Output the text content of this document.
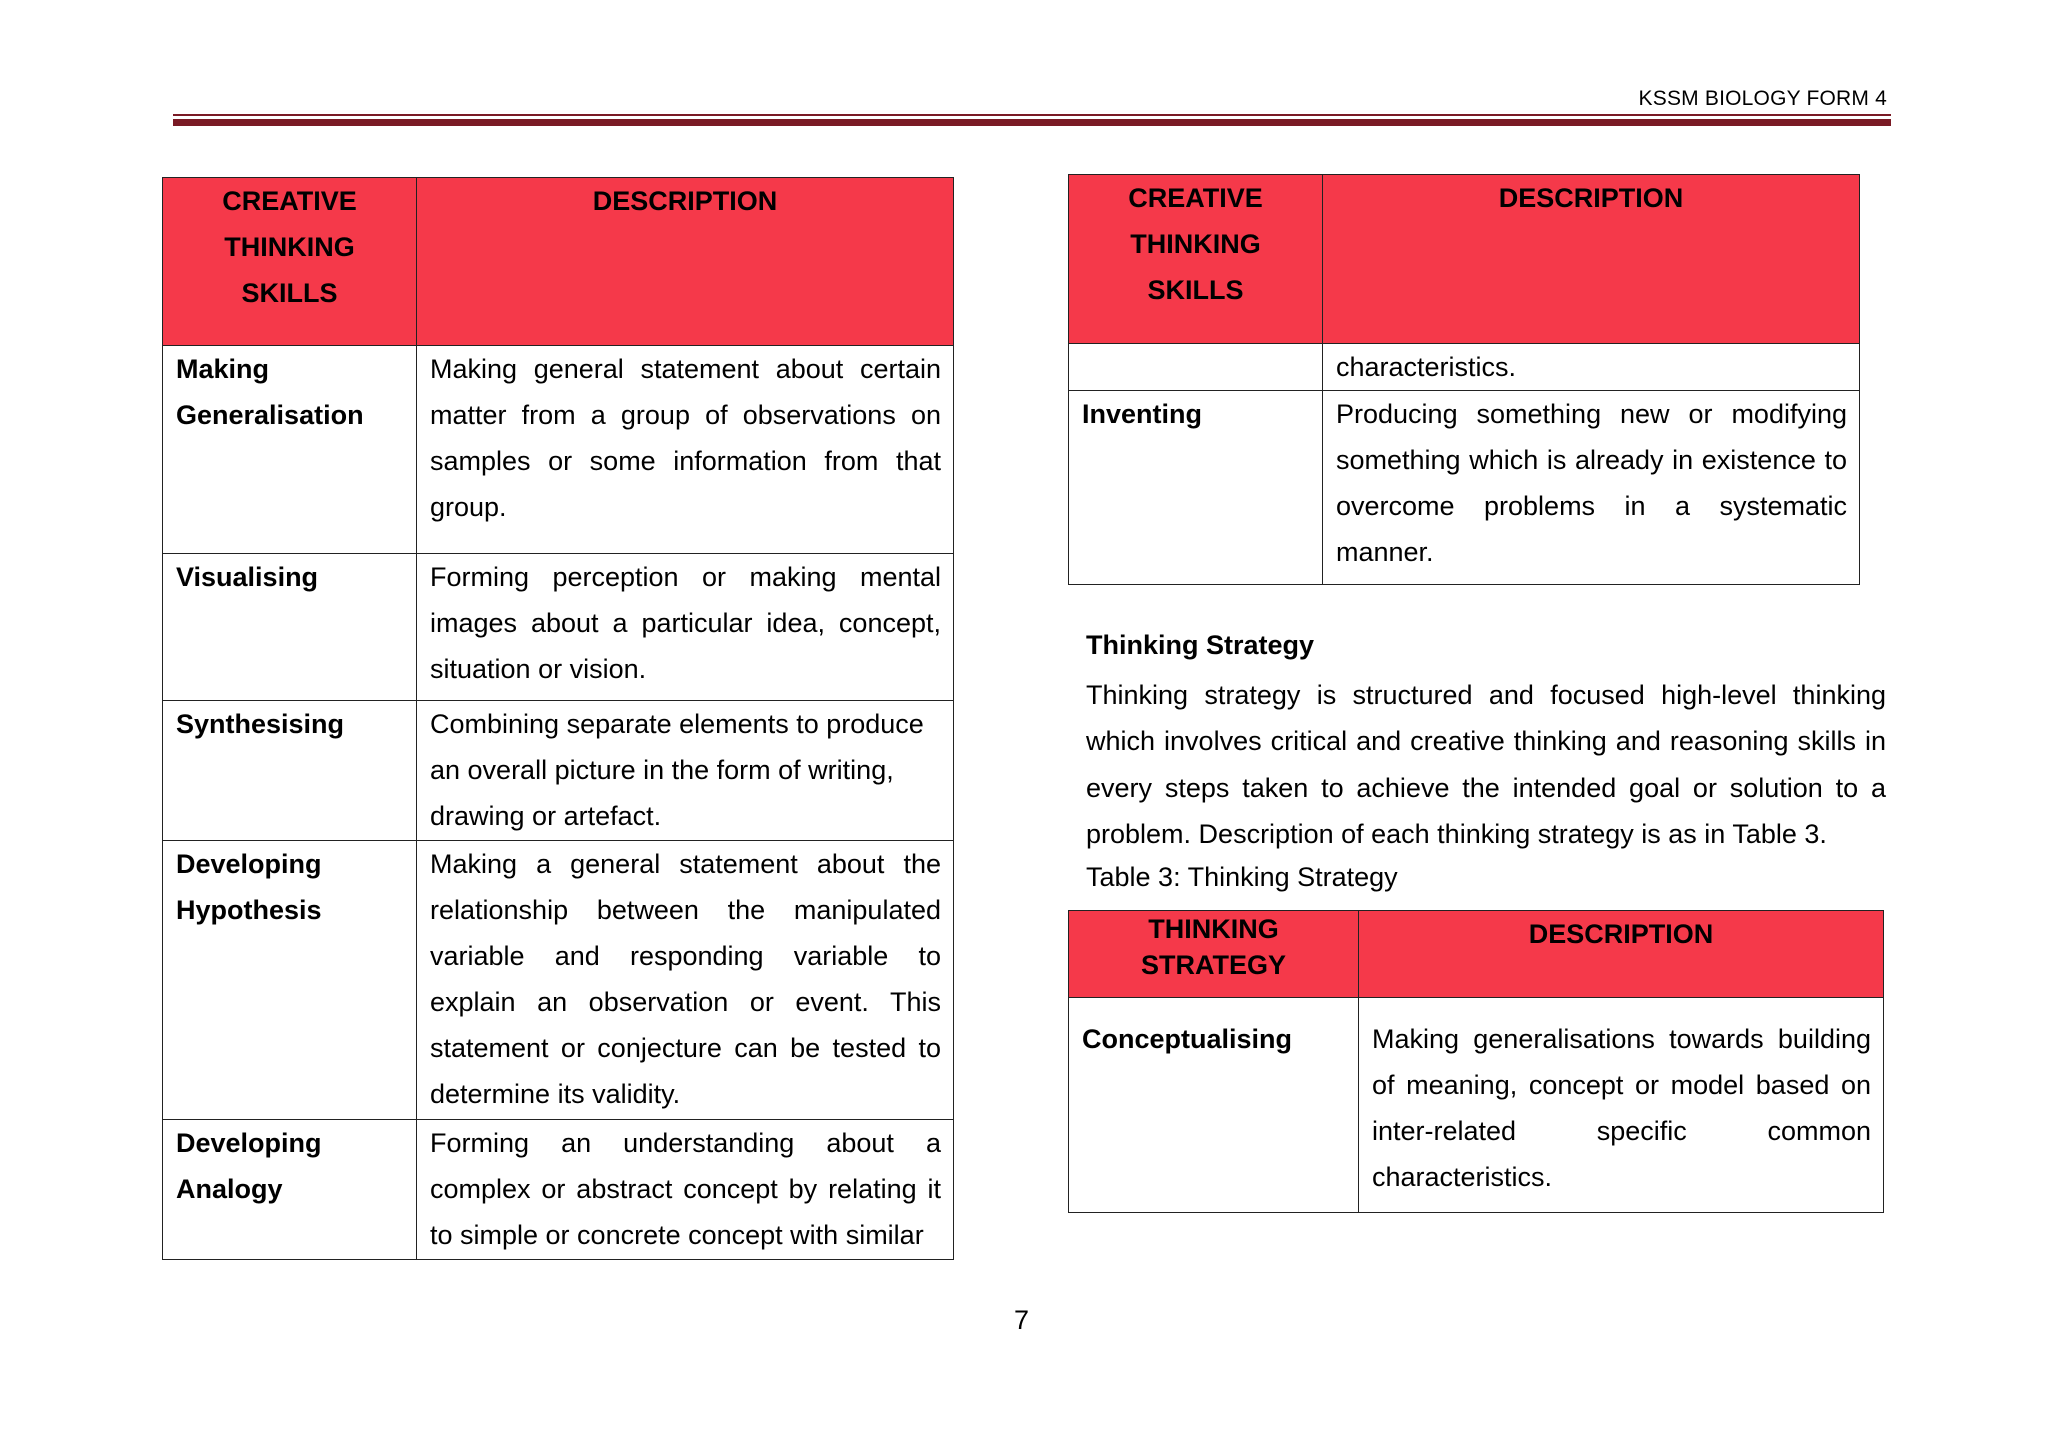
KSSM BIOLOGY FORM 4
CREATIVE
THINKING
SKILLS	DESCRIPTION

Making
Generalisation	Making general statement about certain matter from a group of observations on samples or some information from that group.

Visualising	Forming perception or making mental images about a particular idea, concept, situation or vision.

Synthesising	Combining separate elements to produce an overall picture in the form of writing, drawing or artefact.

Developing
Hypothesis	Making a general statement about the relationship between the manipulated variable and responding variable to explain an observation or event. This statement or conjecture can be tested to determine its validity.

Developing
Analogy	Forming an understanding about a complex or abstract concept by relating it to simple or concrete concept with similar
CREATIVE
THINKING
SKILLS	DESCRIPTION
	characteristics.
Inventing	Producing something new or modifying something which is already in existence to overcome problems in a systematic manner.
Thinking Strategy
Thinking strategy is structured and focused high-level thinking which involves critical and creative thinking and reasoning skills in every steps taken to achieve the intended goal or solution to a problem. Description of each thinking strategy is as in Table 3.
Table 3: Thinking Strategy
THINKING
STRATEGY	DESCRIPTION
Conceptualising	Making generalisations towards building of meaning, concept or model based on inter-related specific common characteristics.
7
